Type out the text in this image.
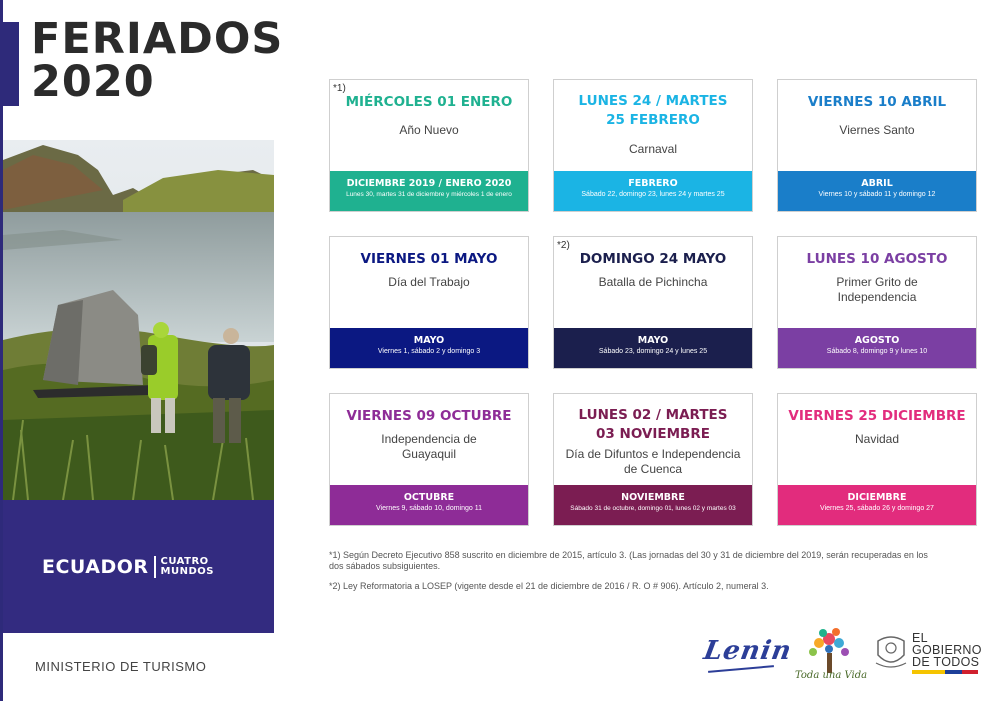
FERIADOS
2020
ECUADOR CUATRO
MUNDOS
MINISTERIO DE TURISMO
*1)
MIÉRCOLES 01 ENERO
Año Nuevo
DICIEMBRE 2019 / ENERO 2020
Lunes 30, martes 31 de diciembre y miércoles 1 de enero
LUNES 24 / MARTES 25 FEBRERO
Carnaval
FEBRERO
Sábado 22, domingo 23, lunes 24 y martes 25
VIERNES 10 ABRIL
Viernes Santo
ABRIL
Viernes 10 y sábado 11 y domingo 12
VIERNES 01 MAYO
Día del Trabajo
MAYO
Viernes 1, sábado 2 y domingo 3
*2)
DOMINGO 24 MAYO
Batalla de Pichincha
MAYO
Sábado 23, domingo 24 y lunes 25
LUNES 10 AGOSTO
Primer Grito de Independencia
AGOSTO
Sábado 8, domingo 9 y lunes 10
VIERNES 09 OCTUBRE
Independencia de Guayaquil
OCTUBRE
Viernes 9, sábado 10, domingo 11
LUNES 02 / MARTES 03 NOVIEMBRE
Día de Difuntos e Independencia de Cuenca
NOVIEMBRE
Sábado 31 de octubre, domingo 01, lunes 02 y martes 03
VIERNES 25 DICIEMBRE
Navidad
DICIEMBRE
Viernes 25, sábado 26 y domingo 27

*1) Según Decreto Ejecutivo 858 suscrito en diciembre de 2015, artículo 3. (Las jornadas del 30 y 31 de diciembre del 2019, serán recuperadas en los dos sábados subsiguientes.

*2) Ley Reformatoria a LOSEP (vigente desde el 21 de diciembre de 2016 / R. O # 906). Artículo 2, numeral 3.

Lenin
Toda una Vida
EL
GOBIERNO
DE TODOS
